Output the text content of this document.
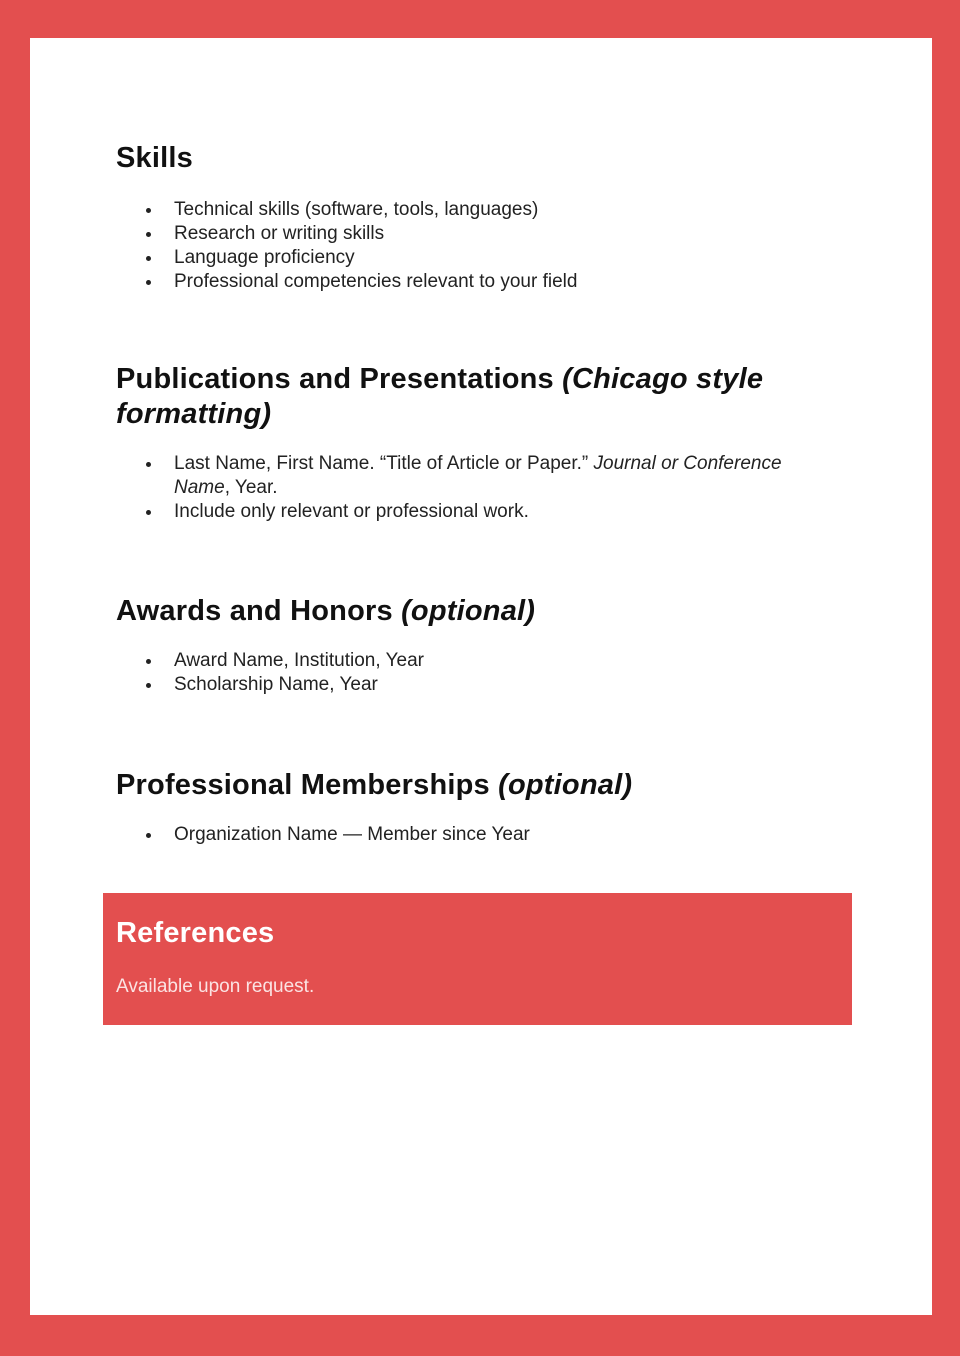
Skills
Technical skills (software, tools, languages)
Research or writing skills
Language proficiency
Professional competencies relevant to your field
Publications and Presentations (Chicago style formatting)
Last Name, First Name. “Title of Article or Paper.” Journal or Conference Name, Year.
Include only relevant or professional work.
Awards and Honors (optional)
Award Name, Institution, Year
Scholarship Name, Year
Professional Memberships (optional)
Organization Name — Member since Year
References

Available upon request.
